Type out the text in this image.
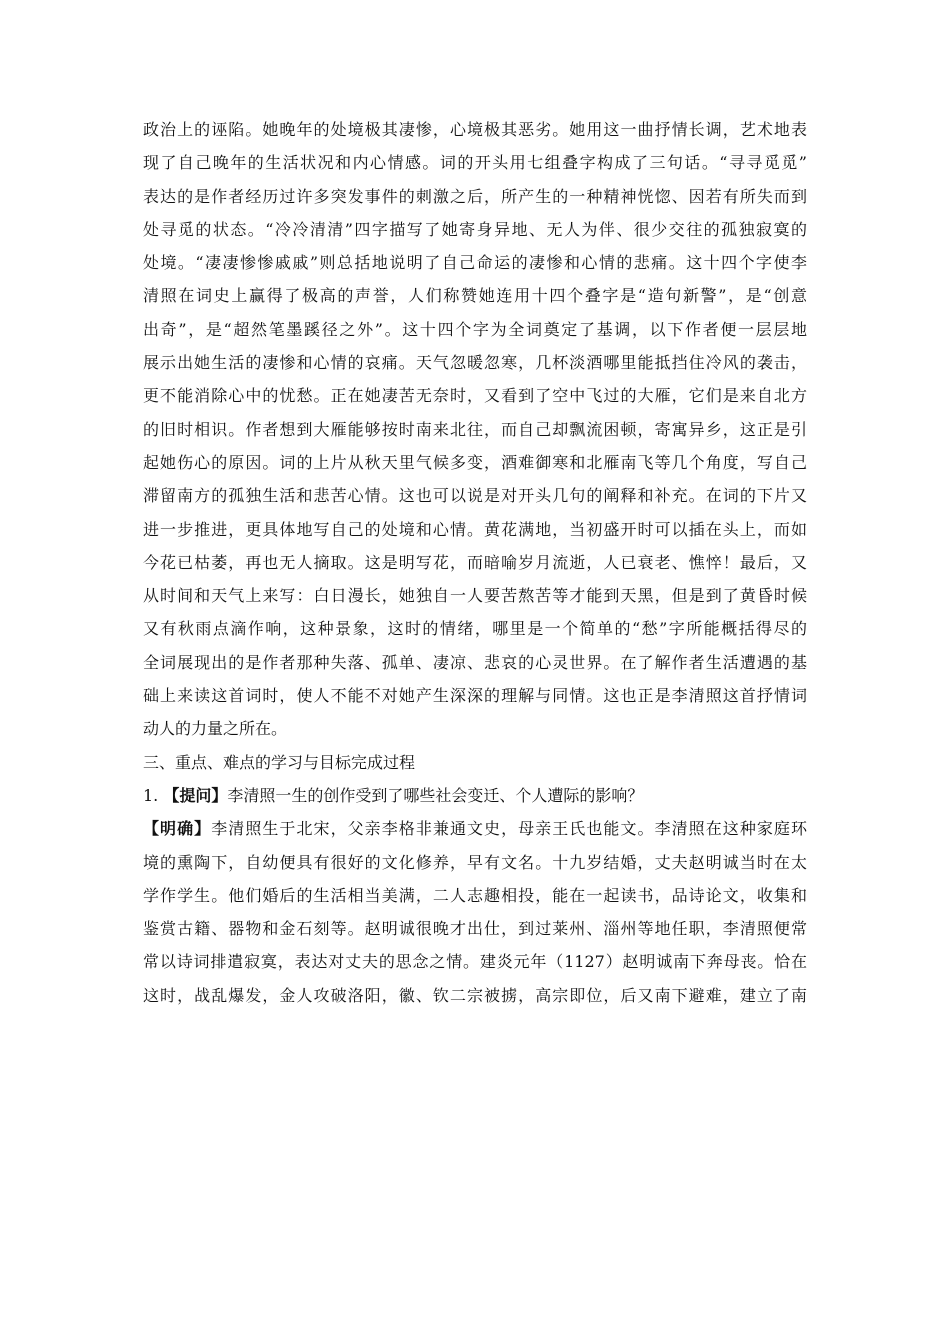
政治上的诬陷。她晚年的处境极其凄惨，心境极其恶劣。她用这一曲抒情长调，艺术地表
现了自己晚年的生活状况和内心情感。词的开头用七组叠字构成了三句话。“寻寻觅觅”
表达的是作者经历过许多突发事件的刺激之后，所产生的一种精神恍惚、因若有所失而到
处寻觅的状态。“冷冷清清”四字描写了她寄身异地、无人为伴、很少交往的孤独寂寞的
处境。“凄凄惨惨戚戚”则总括地说明了自己命运的凄惨和心情的悲痛。这十四个字使李
清照在词史上赢得了极高的声誉，人们称赞她连用十四个叠字是“造句新警”，是“创意
出奇”，是“超然笔墨蹊径之外”。这十四个字为全词奠定了基调，以下作者便一层层地
展示出她生活的凄惨和心情的哀痛。天气忽暖忽寒，几杯淡酒哪里能抵挡住冷风的袭击，
更不能消除心中的忧愁。正在她凄苦无奈时，又看到了空中飞过的大雁，它们是来自北方
的旧时相识。作者想到大雁能够按时南来北往，而自己却飘流困顿，寄寓异乡，这正是引
起她伤心的原因。词的上片从秋天里气候多变，酒难御寒和北雁南飞等几个角度，写自己
滞留南方的孤独生活和悲苦心情。这也可以说是对开头几句的阐释和补充。在词的下片又
进一步推进，更具体地写自己的处境和心情。黄花满地，当初盛开时可以插在头上，而如
今花已枯萎，再也无人摘取。这是明写花，而暗喻岁月流逝，人已衰老、憔悴！最后，又
从时间和天气上来写：白日漫长，她独自一人要苦熬苦等才能到天黑，但是到了黄昏时候
又有秋雨点滴作响，这种景象，这时的情绪，哪里是一个简单的“愁”字所能概括得尽的
全词展现出的是作者那种失落、孤单、凄凉、悲哀的心灵世界。在了解作者生活遭遇的基
础上来读这首词时，使人不能不对她产生深深的理解与同情。这也正是李清照这首抒情词
动人的力量之所在。
三、重点、难点的学习与目标完成过程
1. 【提问】李清照一生的创作受到了哪些社会变迁、个人遭际的影响？
【明确】李清照生于北宋，父亲李格非兼通文史，母亲王氏也能文。李清照在这种家庭环
境的熏陶下，自幼便具有很好的文化修养，早有文名。十九岁结婚，丈夫赵明诚当时在太
学作学生。他们婚后的生活相当美满，二人志趣相投，能在一起读书，品诗论文，收集和
鉴赏古籍、器物和金石刻等。赵明诚很晚才出仕，到过莱州、淄州等地任职，李清照便常
常以诗词排遣寂寞，表达对丈夫的思念之情。建炎元年（1127）赵明诚南下奔母丧。恰在
这时，战乱爆发，金人攻破洛阳，徽、钦二宗被掳，高宗即位，后又南下避难，建立了南
